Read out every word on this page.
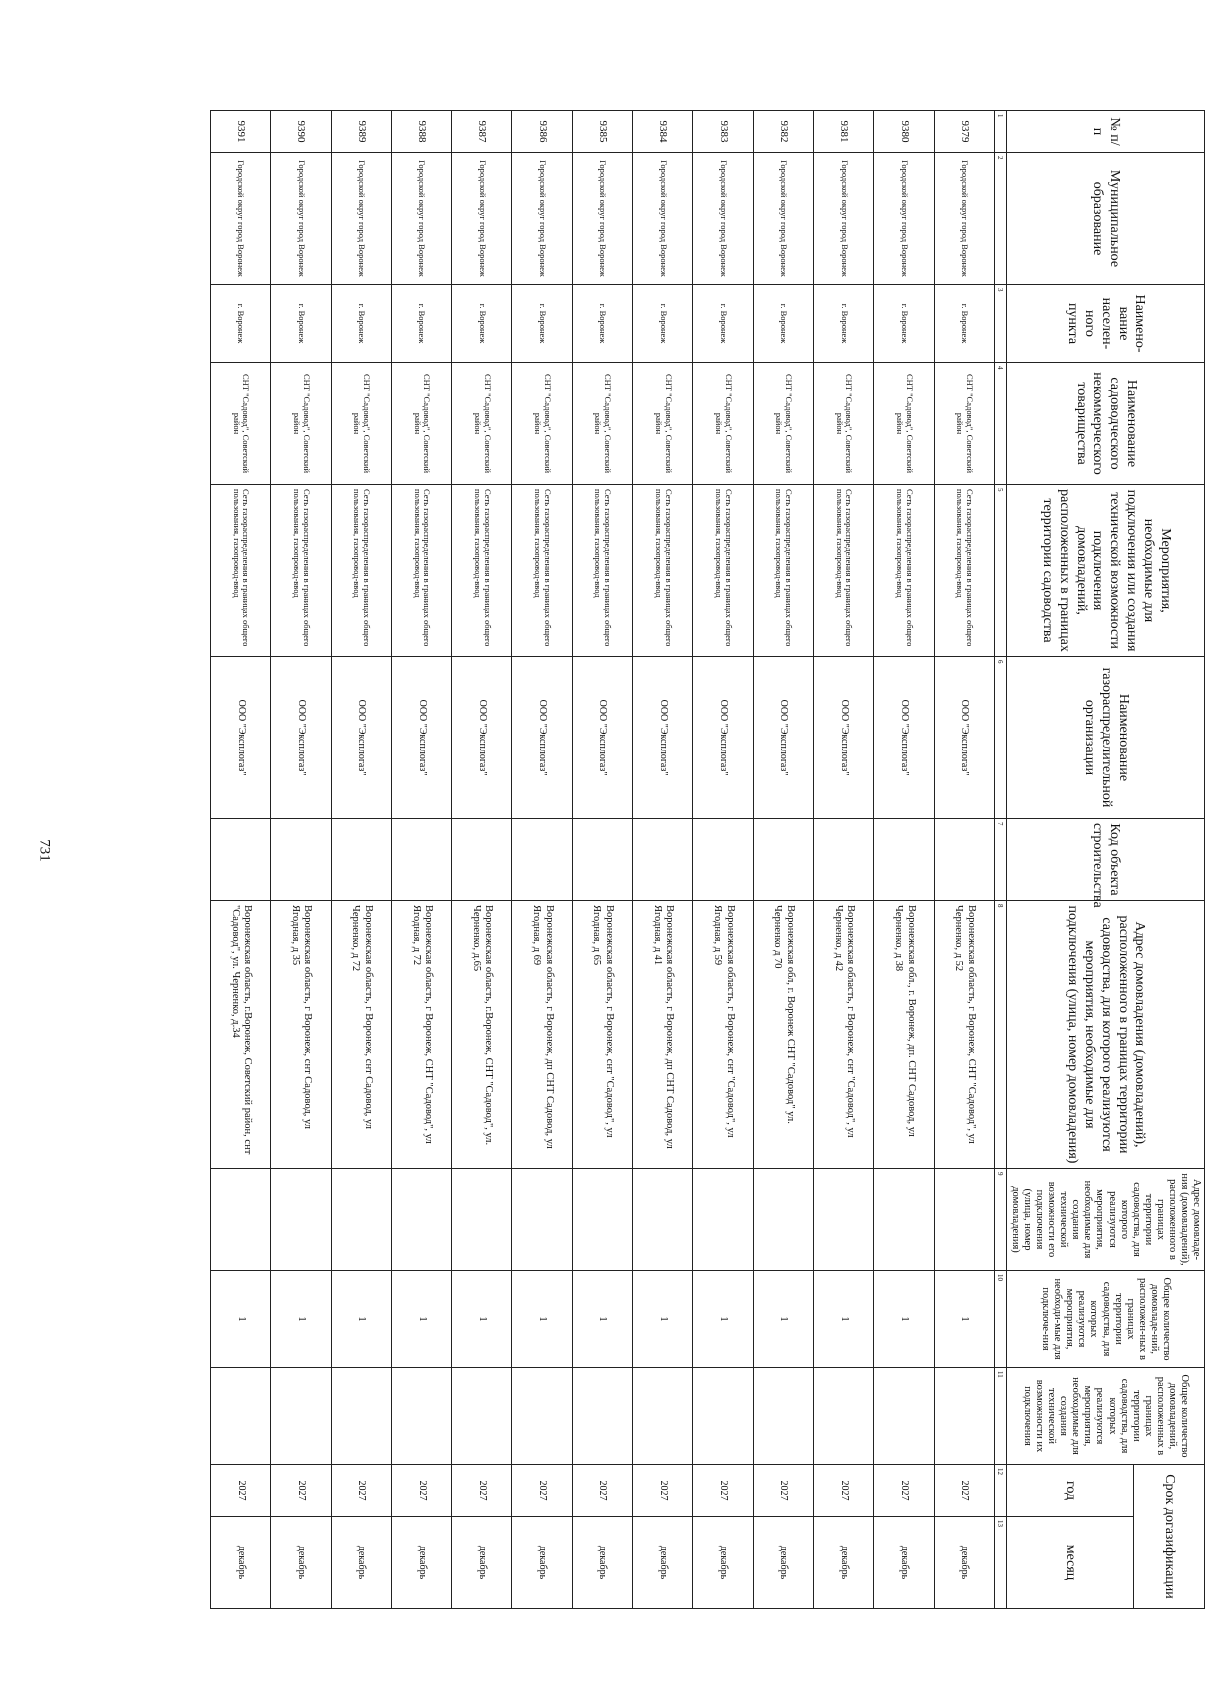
731
№ п/п	Муниципальное образование	Наимено-вание населен-ного пункта	Наименование садоводческого некоммерческого товарищества	Мероприятия, необходимые для подключения или создания технической возможности подключения домовладений, расположенных в границах территории садоводства	Наименование газораспределительной организации	Код объекта строительства	Адрес домовладения (домовладений), расположенного в границах территории садоводства, для которого реализуются мероприятия, необходимые для подключения (улица, номер домовладения)	Адрес домовладе-ния (домовладений), расположенного в границах территории садоводства, для которого реализуются мероприятия, необходимые для создания технической возможности его подключения (улица, номер домовладения)	Общее количество домовладе-ний, расположен-ных в границах территории садоводства, для которых реализуются мероприятия, необходи-мые для подключе-ния	Общее количество домовладений, расположенных в границах территории садоводства, для которых реализуются мероприятия, необходимые для создания технической возможности их подключения	Срок догазификации	
											год	месяц
1	2	3	4	5	6	7	8	9	10	11	12	13
9379	Городской округ город Воронеж	г. Воронеж	СНТ "Садовод", Советский район	Сеть газораспределения в границах общего пользования, газопровод-ввод	ООО "Эксплогаз"		Воронежская область, г Воронеж, СНТ "Садовод", ул Черненко, д 52		1		2027	декабрь
9380	Городской округ город Воронеж	г. Воронеж	СНТ "Садовод", Советский район	Сеть газораспределения в границах общего пользования, газопровод-ввод	ООО "Эксплогаз"		Воронежская обл., г. Воронеж, дп. СНТ Садовод, ул Черненко, д 38		1		2027	декабрь
9381	Городской округ город Воронеж	г. Воронеж	СНТ "Садовод", Советский район	Сеть газораспределения в границах общего пользования, газопровод-ввод	ООО "Эксплогаз"		Воронежская область, г Воронеж, снт "Садовод", ул Черненко, д 42		1		2027	декабрь
9382	Городской округ город Воронеж	г. Воронеж	СНТ "Садовод", Советский район	Сеть газораспределения в границах общего пользования, газопровод-ввод	ООО "Эксплогаз"		Воронежская обл, г. Воронеж СНТ "Садовод" ул. Черненко д 70		1		2027	декабрь
9383	Городской округ город Воронеж	г. Воронеж	СНТ "Садовод", Советский район	Сеть газораспределения в границах общего пользования, газопровод-ввод	ООО "Эксплогаз"		Воронежская область, г Воронеж, снт "Садовод", ул Ягодная, д 59		1		2027	декабрь
9384	Городской округ город Воронеж	г. Воронеж	СНТ "Садовод", Советский район	Сеть газораспределения в границах общего пользования, газопровод-ввод	ООО "Эксплогаз"		Воронежская область, г Воронеж, дп СНТ Садовод, ул Ягодная, д 41		1		2027	декабрь
9385	Городской округ город Воронеж	г. Воронеж	СНТ "Садовод", Советский район	Сеть газораспределения в границах общего пользования, газопровод-ввод	ООО "Эксплогаз"		Воронежская область, г Воронеж, снт "Садовод", ул Ягодная, д 65		1		2027	декабрь
9386	Городской округ город Воронеж	г. Воронеж	СНТ "Садовод", Советский район	Сеть газораспределения в границах общего пользования, газопровод-ввод	ООО "Эксплогаз"		Воронежская область, г Воронеж, дп СНТ Садовод, ул Ягодная, д 69		1		2027	декабрь
9387	Городской округ город Воронеж	г. Воронеж	СНТ "Садовод", Советский район	Сеть газораспределения в границах общего пользования, газопровод-ввод	ООО "Эксплогаз"		Воронежская область, г.Воронеж, СНТ "Садовод", ул. Черненко, д.65		1		2027	декабрь
9388	Городской округ город Воронеж	г. Воронеж	СНТ "Садовод", Советский район	Сеть газораспределения в границах общего пользования, газопровод-ввод	ООО "Эксплогаз"		Воронежская область, г Воронеж, СНТ "Садовод", ул Ягодная, д 72		1		2027	декабрь
9389	Городской округ город Воронеж	г. Воронеж	СНТ "Садовод", Советский район	Сеть газораспределения в границах общего пользования, газопровод-ввод	ООО "Эксплогаз"		Воронежская область, г Воронеж, снт Садовод, ул Черненко, д 72		1		2027	декабрь
9390	Городской округ город Воронеж	г. Воронеж	СНТ "Садовод", Советский район	Сеть газораспределения в границах общего пользования, газопровод-ввод	ООО "Эксплогаз"		Воронежская область, г Воронеж, снт Садовод, ул Ягодная, д 35		1		2027	декабрь
9391	Городской округ город Воронеж	г. Воронеж	СНТ "Садовод", Советский район	Сеть газораспределения в границах общего пользования, газопровод-ввод	ООО "Эксплогаз"		Воронежская область, г.Воронеж, Советский район, снт "Садовод", ул. Черненко, д.34		1		2027	декабрь
